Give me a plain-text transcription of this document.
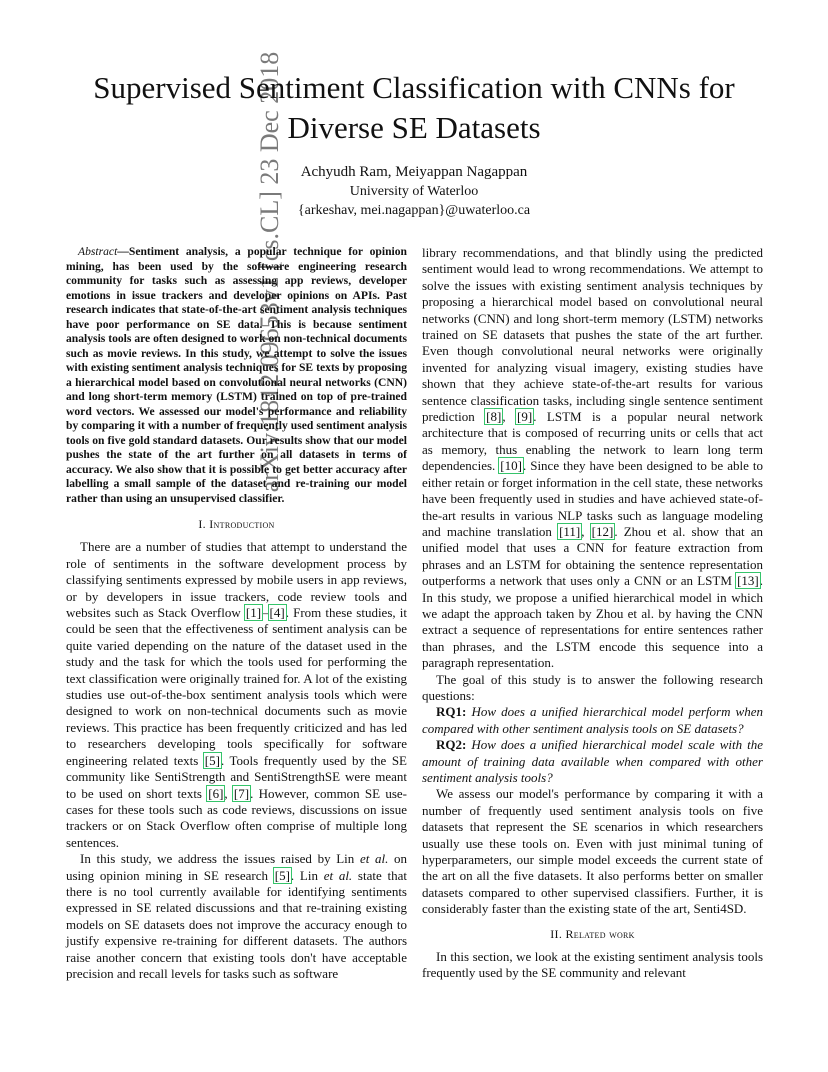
arXiv:1812.09653v1 [cs.CL] 23 Dec 2018
Supervised Sentiment Classification with CNNs for
Diverse SE Datasets
Achyudh Ram, Meiyappan Nagappan
University of Waterloo
{arkeshav, mei.nagappan}@uwaterloo.ca

Abstract—Sentiment analysis, a popular technique for opinion mining, has been used by the software engineering research community for tasks such as assessing app reviews, developer emotions in issue trackers and developer opinions on APIs. Past research indicates that state-of-the-art sentiment analysis techniques have poor performance on SE data. This is because sentiment analysis tools are often designed to work on non-technical documents such as movie reviews. In this study, we attempt to solve the issues with existing sentiment analysis techniques for SE texts by proposing a hierarchical model based on convolutional neural networks (CNN) and long short-term memory (LSTM) trained on top of pre-trained word vectors. We assessed our model's performance and reliability by comparing it with a number of frequently used sentiment analysis tools on five gold standard datasets. Our results show that our model pushes the state of the art further on all datasets in terms of accuracy. We also show that it is possible to get better accuracy after labelling a small sample of the dataset and re-training our model rather than using an unsupervised classifier.

I. Introduction

There are a number of studies that attempt to understand the role of sentiments in the software development process by classifying sentiments expressed by mobile users in app reviews, or by developers in issue trackers, code review tools and websites such as Stack Overflow [1]–[4]. From these studies, it could be seen that the effectiveness of sentiment analysis can be quite varied depending on the nature of the dataset used in the study and the task for which the tools used for performing the text classification were originally trained for. A lot of the existing studies use out-of-the-box sentiment analysis tools which were designed to work on non-technical documents such as movie reviews. This practice has been frequently criticized and has led to researchers developing tools specifically for software engineering related texts [5]. Tools frequently used by the SE community like SentiStrength and SentiStrengthSE were meant to be used on short texts [6], [7]. However, common SE use-cases for these tools such as code reviews, discussions on issue trackers or on Stack Overflow often comprise of multiple long sentences.

In this study, we address the issues raised by Lin et al. on using opinion mining in SE research [5]. Lin et al. state that there is no tool currently available for identifying sentiments expressed in SE related discussions and that re-training existing models on SE datasets does not improve the accuracy enough to justify expensive re-training for different datasets. The authors raise another concern that existing tools don't have acceptable precision and recall levels for tasks such as software

library recommendations, and that blindly using the predicted sentiment would lead to wrong recommendations. We attempt to solve the issues with existing sentiment analysis techniques by proposing a hierarchical model based on convolutional neural networks (CNN) and long short-term memory (LSTM) networks trained on SE datasets that pushes the state of the art further. Even though convolutional neural networks were originally invented for analyzing visual imagery, existing studies have shown that they achieve state-of-the-art results for various sentence classification tasks, including single sentence sentiment prediction [8], [9]. LSTM is a popular neural network architecture that is composed of recurring units or cells that act as memory, thus enabling the network to learn long term dependencies. [10]. Since they have been designed to be able to either retain or forget information in the cell state, these networks have been frequently used in studies and have achieved state-of-the-art results in various NLP tasks such as language modeling and machine translation [11], [12]. Zhou et al. show that an unified model that uses a CNN for feature extraction from phrases and an LSTM for obtaining the sentence representation outperforms a network that uses only a CNN or an LSTM [13]. In this study, we propose a unified hierarchical model in which we adapt the approach taken by Zhou et al. by having the CNN extract a sequence of representations for entire sentences rather than phrases, and the LSTM encode this sequence into a paragraph representation.

The goal of this study is to answer the following research questions:

RQ1: How does a unified hierarchical model perform when compared with other sentiment analysis tools on SE datasets?

RQ2: How does a unified hierarchical model scale with the amount of training data available when compared with other sentiment analysis tools?

We assess our model's performance by comparing it with a number of frequently used sentiment analysis tools on five datasets that represent the SE scenarios in which researchers usually use these tools on. Even with just minimal tuning of hyperparameters, our simple model exceeds the current state of the art on all the five datasets. It also performs better on smaller datasets compared to other supervised classifiers. Further, it is considerably faster than the existing state of the art, Senti4SD.

II. Related work

In this section, we look at the existing sentiment analysis tools frequently used by the SE community and relevant
